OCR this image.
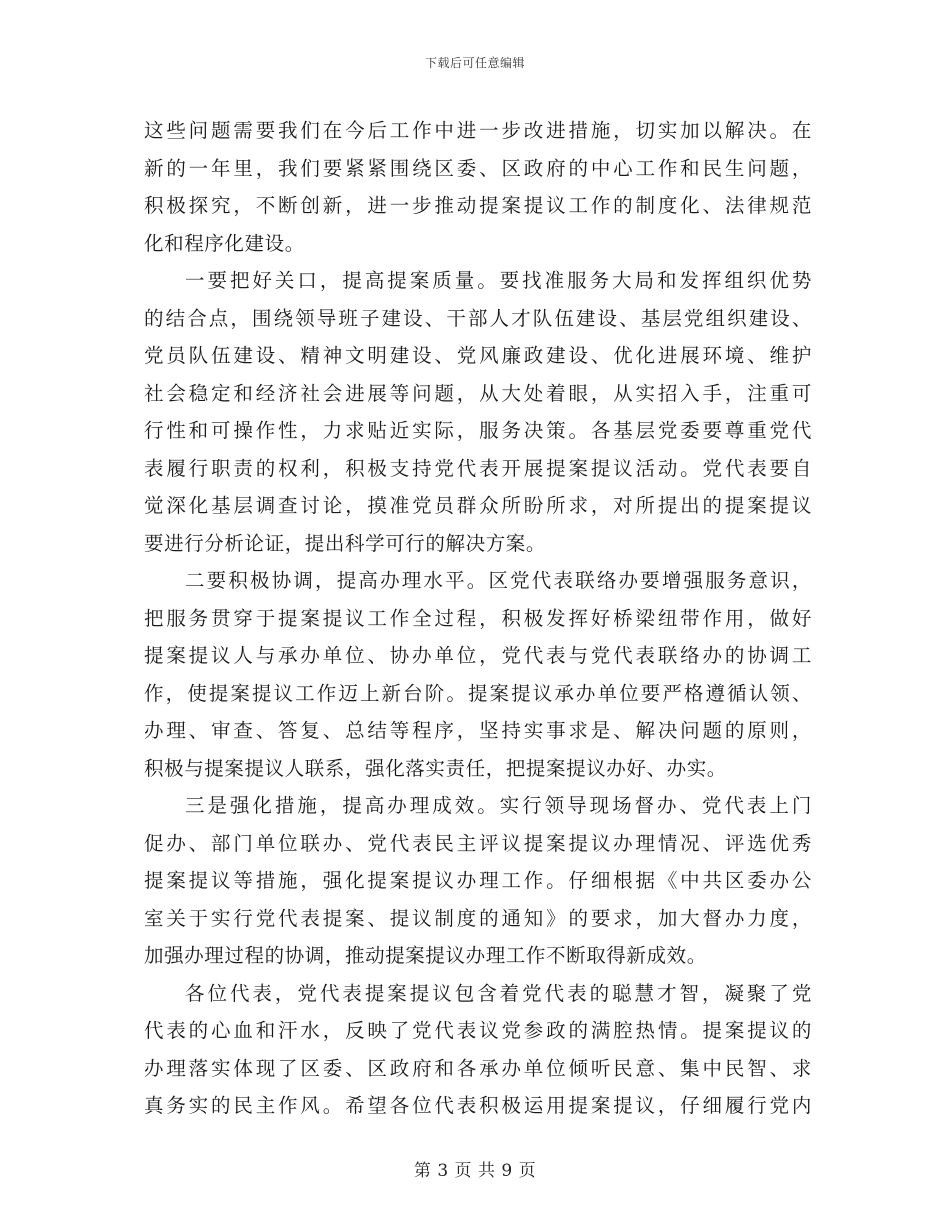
下载后可任意编辑
这些问题需要我们在今后工作中进一步改进措施，切实加以解决。在
新的一年里，我们要紧紧围绕区委、区政府的中心工作和民生问题，
积极探究，不断创新，进一步推动提案提议工作的制度化、法律规范
化和程序化建设。
一要把好关口，提高提案质量。要找准服务大局和发挥组织优势
的结合点，围绕领导班子建设、干部人才队伍建设、基层党组织建设、
党员队伍建设、精神文明建设、党风廉政建设、优化进展环境、维护
社会稳定和经济社会进展等问题，从大处着眼，从实招入手，注重可
行性和可操作性，力求贴近实际，服务决策。各基层党委要尊重党代
表履行职责的权利，积极支持党代表开展提案提议活动。党代表要自
觉深化基层调查讨论，摸准党员群众所盼所求，对所提出的提案提议
要进行分析论证，提出科学可行的解决方案。
二要积极协调，提高办理水平。区党代表联络办要增强服务意识，
把服务贯穿于提案提议工作全过程，积极发挥好桥梁纽带作用，做好
提案提议人与承办单位、协办单位，党代表与党代表联络办的协调工
作，使提案提议工作迈上新台阶。提案提议承办单位要严格遵循认领、
办理、审查、答复、总结等程序，坚持实事求是、解决问题的原则，
积极与提案提议人联系，强化落实责任，把提案提议办好、办实。
三是强化措施，提高办理成效。实行领导现场督办、党代表上门
促办、部门单位联办、党代表民主评议提案提议办理情况、评选优秀
提案提议等措施，强化提案提议办理工作。仔细根据《中共区委办公
室关于实行党代表提案、提议制度的通知》的要求，加大督办力度，
加强办理过程的协调，推动提案提议办理工作不断取得新成效。
各位代表，党代表提案提议包含着党代表的聪慧才智，凝聚了党
代表的心血和汗水，反映了党代表议党参政的满腔热情。提案提议的
办理落实体现了区委、区政府和各承办单位倾听民意、集中民智、求
真务实的民主作风。希望各位代表积极运用提案提议，仔细履行党内
第 3 页 共 9 页
